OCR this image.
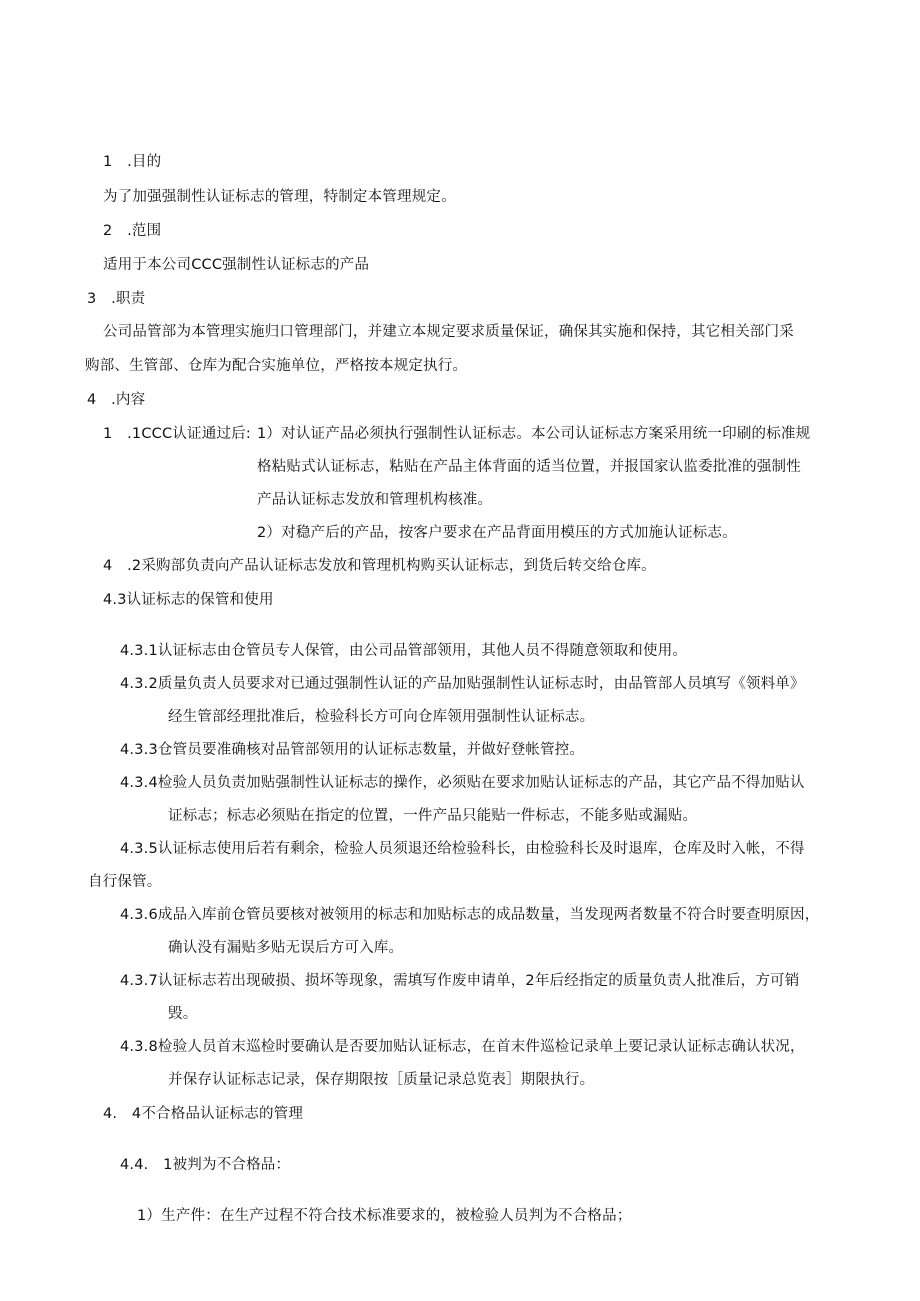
1　.目的
为了加强强制性认证标志的管理，特制定本管理规定。
2　.范围
适用于本公司CCC强制性认证标志的产品
3　.职责
公司品管部为本管理实施归口管理部门，并建立本规定要求质量保证，确保其实施和保持，其它相关部门采
购部、生管部、仓库为配合实施单位，严格按本规定执行。
4　.内容
1　.1CCC认证通过后: 1）对认证产品必须执行强制性认证标志。本公司认证标志方案采用统一印刷的标准规
格粘贴式认证标志，粘贴在产品主体背面的适当位置，并报国家认监委批准的强制性
产品认证标志发放和管理机构核准。
2）对稳产后的产品，按客户要求在产品背面用模压的方式加施认证标志。
4　.2采购部负责向产品认证标志发放和管理机构购买认证标志，到货后转交给仓库。
4.3认证标志的保管和使用
4.3.1认证标志由仓管员专人保管，由公司品管部领用，其他人员不得随意领取和使用。
4.3.2质量负责人员要求对已通过强制性认证的产品加贴强制性认证标志时，由品管部人员填写《领料单》
经生管部经理批准后，检验科长方可向仓库领用强制性认证标志。
4.3.3仓管员要准确核对品管部领用的认证标志数量，并做好登帐管控。
4.3.4检验人员负责加贴强制性认证标志的操作，必须贴在要求加贴认证标志的产品，其它产品不得加贴认
证标志；标志必须贴在指定的位置，一件产品只能贴一件标志，不能多贴或漏贴。
4.3.5认证标志使用后若有剩余，检验人员须退还给检验科长，由检验科长及时退库，仓库及时入帐，不得
自行保管。
4.3.6成品入库前仓管员要核对被领用的标志和加贴标志的成品数量，当发现两者数量不符合时要查明原因，
确认没有漏贴多贴无误后方可入库。
4.3.7认证标志若出现破损、损坏等现象，需填写作废申请单，2年后经指定的质量负责人批准后，方可销
毁。
4.3.8检验人员首末巡检时要确认是否要加贴认证标志，在首末件巡检记录单上要记录认证标志确认状况，
并保存认证标志记录，保存期限按［质量记录总览表］期限执行。
4.　4不合格品认证标志的管理
4.4.　1被判为不合格品：
1）生产件：在生产过程不符合技术标准要求的，被检验人员判为不合格品；
